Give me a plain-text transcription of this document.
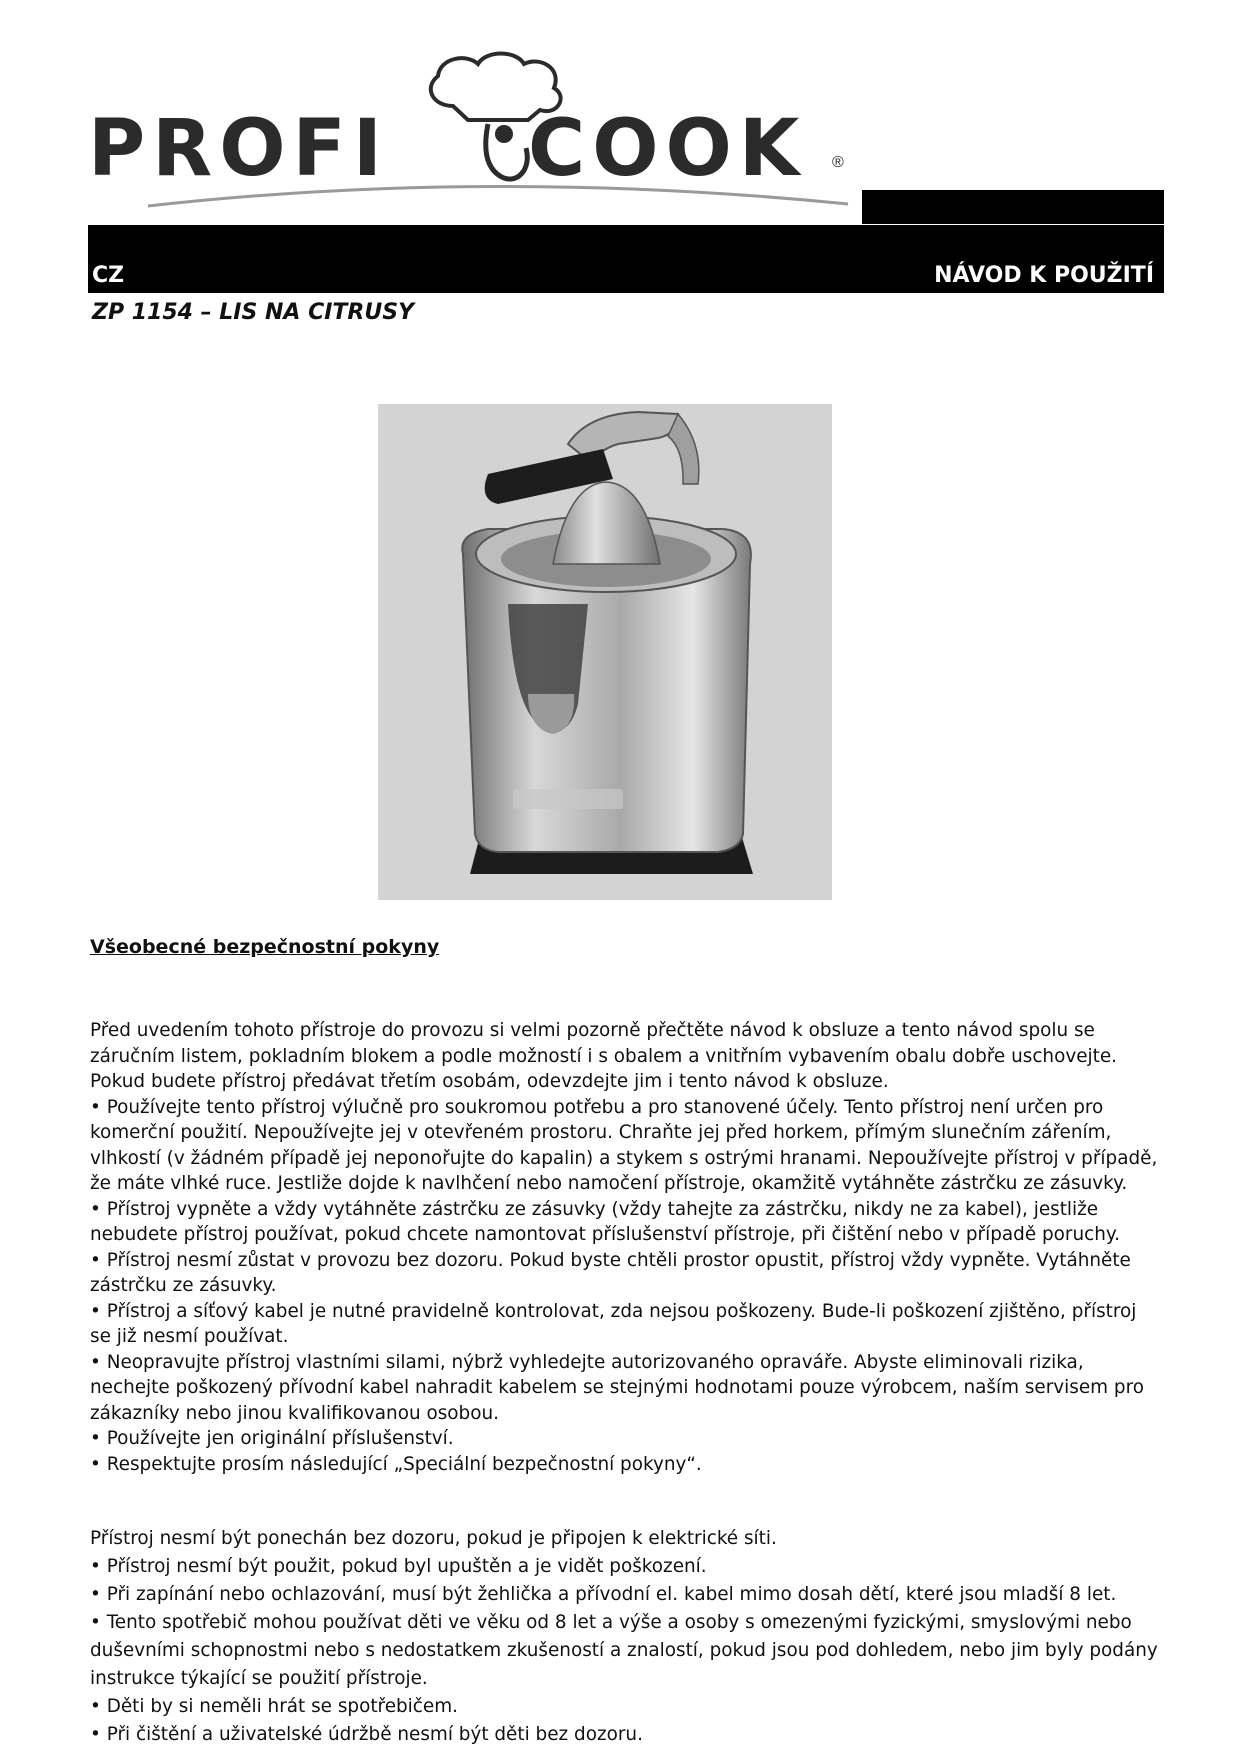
PROFI COOK ®
CZ	NÁVOD K POUŽITÍ
ZP 1154 – LIS NA CITRUSY
Všeobecné bezpečnostní pokyny

Před uvedením tohoto přístroje do provozu si velmi pozorně přečtěte návod k obsluze a tento návod spolu se záručním listem, pokladním blokem a podle možností i s obalem a vnitřním vybavením obalu dobře uschovejte. Pokud budete přístroj předávat třetím osobám, odevzdejte jim i tento návod k obsluze.

• Používejte tento přístroj výlučně pro soukromou potřebu a pro stanovené účely. Tento přístroj není určen pro komerční použití. Nepoužívejte jej v otevřeném prostoru. Chraňte jej před horkem, přímým slunečním zářením, vlhkostí (v žádném případě jej neponořujte do kapalin) a stykem s ostrými hranami. Nepoužívejte přístroj v případě, že máte vlhké ruce. Jestliže dojde k navlhčení nebo namočení přístroje, okamžitě vytáhněte zástrčku ze zásuvky.

• Přístroj vypněte a vždy vytáhněte zástrčku ze zásuvky (vždy tahejte za zástrčku, nikdy ne za kabel), jestliže nebudete přístroj používat, pokud chcete namontovat příslušenství přístroje, při čištění nebo v případě poruchy.

• Přístroj nesmí zůstat v provozu bez dozoru. Pokud byste chtěli prostor opustit, přístroj vždy vypněte. Vytáhněte zástrčku ze zásuvky.

• Přístroj a síťový kabel je nutné pravidelně kontrolovat, zda nejsou poškozeny. Bude-li poškození zjištěno, přístroj se již nesmí používat.

• Neopravujte přístroj vlastními silami, nýbrž vyhledejte autorizovaného opraváře. Abyste eliminovali rizika, nechejte poškozený přívodní kabel nahradit kabelem se stejnými hodnotami pouze výrobcem, naším servisem pro zákazníky nebo jinou kvalifikovanou osobou.

• Používejte jen originální příslušenství.

• Respektujte prosím následující „Speciální bezpečnostní pokyny“.

Přístroj nesmí být ponechán bez dozoru, pokud je připojen k elektrické síti.

• Přístroj nesmí být použit, pokud byl upuštěn a je vidět poškození.

• Při zapínání nebo ochlazování, musí být žehlička a přívodní el. kabel mimo dosah dětí, které jsou mladší 8 let.

• Tento spotřebič mohou používat děti ve věku od 8 let a výše a osoby s omezenými fyzickými, smyslovými nebo duševními schopnostmi nebo s nedostatkem zkušeností a znalostí, pokud jsou pod dohledem, nebo jim byly podány instrukce týkající se použití přístroje.

• Děti by si neměli hrát se spotřebičem.

• Při čištění a uživatelské údržbě nesmí být děti bez dozoru.
